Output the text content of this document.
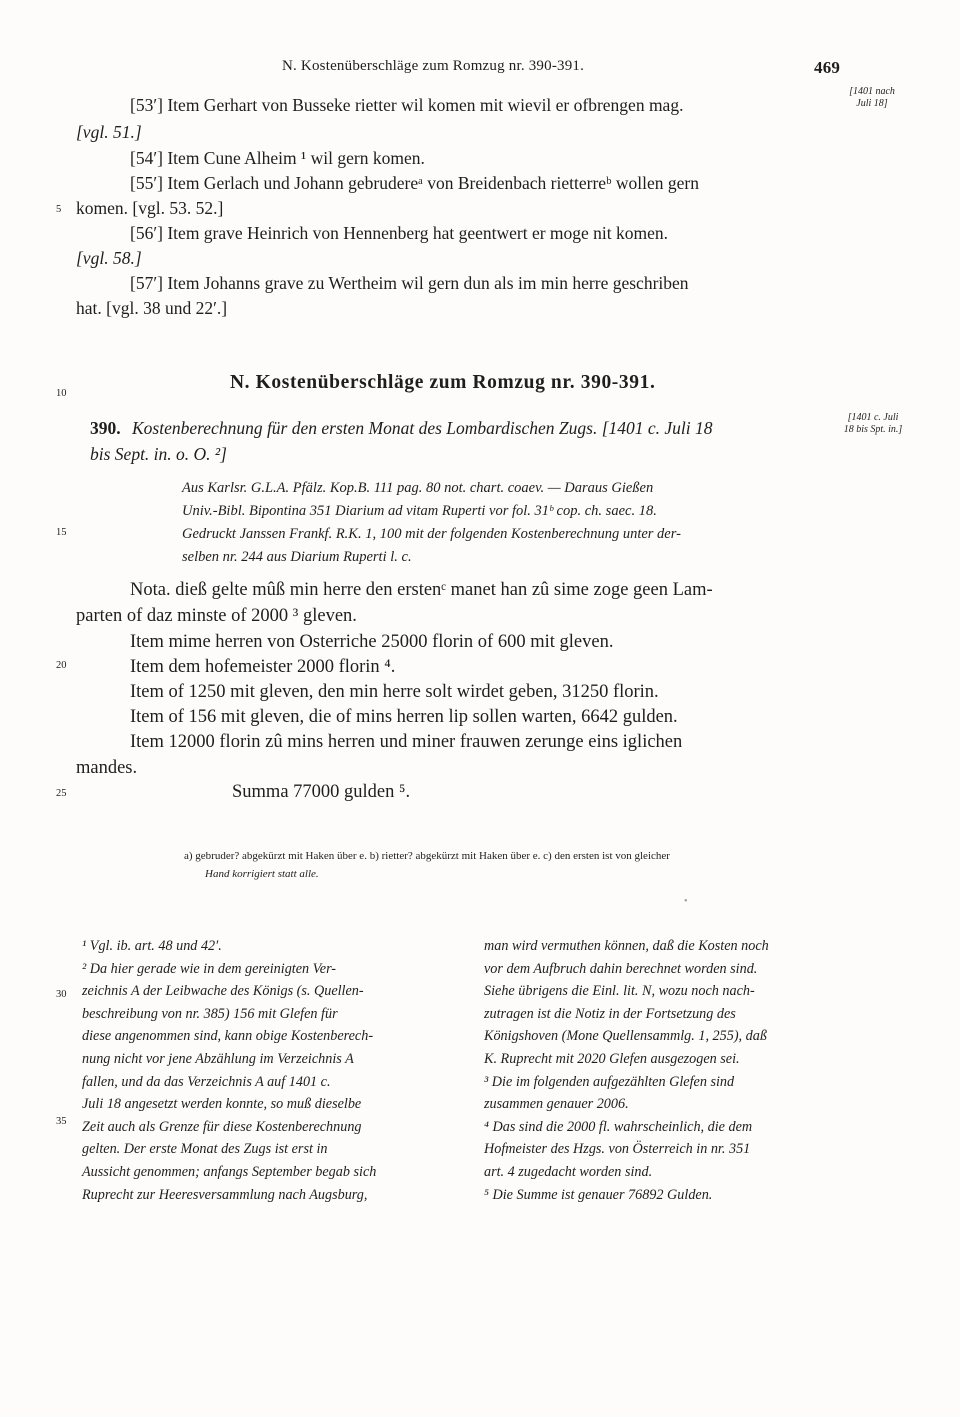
N. Kostenüberschläge zum Romzug nr. 390-391.	469
[53′] Item Gerhart von Busseke rietter wil komen mit wievil er ofbrengen mag.
[vgl. 51.]
[54′] Item Cune Alheim ¹ wil gern komen.
[55′] Item Gerlach und Johann gebrudereᵃ von Breidenbach rietterreᵇ wollen gern
komen. [vgl. 53. 52.]
[56′] Item grave Heinrich von Hennenberg hat geentwert er moge nit komen.
[vgl. 58.]
[57′] Item Johanns grave zu Wertheim wil gern dun als im min herre geschriben
hat. [vgl. 38 und 22′.]
[1401 nach Juli 18]
5
10
15
20
25
30
35
N. Kostenüberschläge zum Romzug nr. 390-391.
390. Kostenberechnung für den ersten Monat des Lombardischen Zugs. [1401 c. Juli 18
bis Sept. in. o. O. ²]
[1401 c. Juli 18 bis Spt. in.]
Aus Karlsr. G.L.A. Pfälz. Kop.B. 111 pag. 80 not. chart. coaev. — Daraus Gießen
Univ.-Bibl. Bipontina 351 Diarium ad vitam Ruperti vor fol. 31ᵇ cop. ch. saec. 18.
Gedruckt Janssen Frankf. R.K. 1, 100 mit der folgenden Kostenberechnung unter der-
selben nr. 244 aus Diarium Ruperti l. c.
Nota. dieß gelte mûß min herre den erstenᶜ manet han zû sime zoge geen Lam-
parten of daz minste of 2000 ³ gleven.
Item mime herren von Osterriche 25000 florin of 600 mit gleven.
Item dem hofemeister 2000 florin ⁴.
Item of 1250 mit gleven, den min herre solt wirdet geben, 31250 florin.
Item of 156 mit gleven, die of mins herren lip sollen warten, 6642 gulden.
Item 12000 florin zû mins herren und miner frauwen zerunge eins iglichen
mandes.
Summa 77000 gulden ⁵.
a) gebruder? abgekürzt mit Haken über e. b) rietter? abgekürzt mit Haken über e. c) den ersten ist von gleicher
Hand korrigiert statt alle.
•
¹ Vgl. ib. art. 48 und 42′.
² Da hier gerade wie in dem gereinigten Ver-
zeichnis A der Leibwache des Königs (s. Quellen-
beschreibung von nr. 385) 156 mit Glefen für
diese angenommen sind, kann obige Kostenberech-
nung nicht vor jene Abzählung im Verzeichnis A
fallen, und da das Verzeichnis A auf 1401 c.
Juli 18 angesetzt werden konnte, so muß dieselbe
Zeit auch als Grenze für diese Kostenberechnung
gelten. Der erste Monat des Zugs ist erst in
Aussicht genommen; anfangs September begab sich
Ruprecht zur Heeresversammlung nach Augsburg,
man wird vermuthen können, daß die Kosten noch
vor dem Aufbruch dahin berechnet worden sind.
Siehe übrigens die Einl. lit. N, wozu noch nach-
zutragen ist die Notiz in der Fortsetzung des
Königshoven (Mone Quellensammlg. 1, 255), daß
K. Ruprecht mit 2020 Glefen ausgezogen sei.
³ Die im folgenden aufgezählten Glefen sind
zusammen genauer 2006.
⁴ Das sind die 2000 fl. wahrscheinlich, die dem
Hofmeister des Hzgs. von Österreich in nr. 351
art. 4 zugedacht worden sind.
⁵ Die Summe ist genauer 76892 Gulden.
